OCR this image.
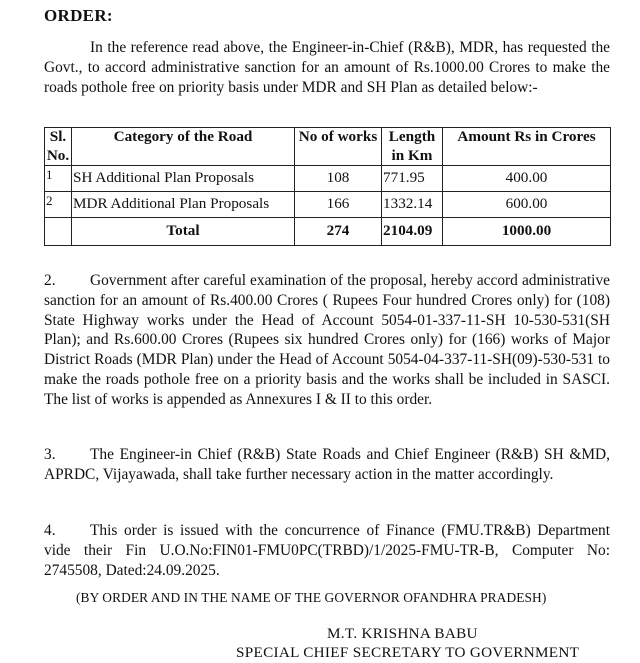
ORDER:

In the reference read above, the Engineer-in-Chief (R&B), MDR, has requested the Govt., to accord administrative sanction for an amount of Rs.1000.00 Crores to make the roads pothole free on priority basis under MDR and SH Plan as detailed below:-

Sl. No.	Category of the Road	No of works	Length in Km	Amount Rs in Crores
1	SH Additional Plan Proposals	108	771.95	400.00
2	MDR Additional Plan Proposals	166	1332.14	600.00
	Total	274	2104.09	1000.00

2. Government after careful examination of the proposal, hereby accord administrative sanction for an amount of Rs.400.00 Crores ( Rupees Four hundred Crores only) for (108) State Highway works under the Head of Account 5054-01-337-11-SH 10-530-531(SH Plan); and Rs.600.00 Crores (Rupees six hundred Crores only) for (166) works of Major District Roads (MDR Plan) under the Head of Account 5054-04-337-11-SH(09)-530-531 to make the roads pothole free on a priority basis and the works shall be included in SASCI. The list of works is appended as Annexures I & II to this order.

3. The Engineer-in Chief (R&B) State Roads and Chief Engineer (R&B) SH &MD, APRDC, Vijayawada, shall take further necessary action in the matter accordingly.

4. This order is issued with the concurrence of Finance (FMU.TR&B) Department vide their Fin U.O.No:FIN01-FMU0PC(TRBD)/1/2025-FMU-TR-B, Computer No: 2745508, Dated:24.09.2025.

(BY ORDER AND IN THE NAME OF THE GOVERNOR OFANDHRA PRADESH)
M.T. KRISHNA BABU
SPECIAL CHIEF SECRETARY TO GOVERNMENT
